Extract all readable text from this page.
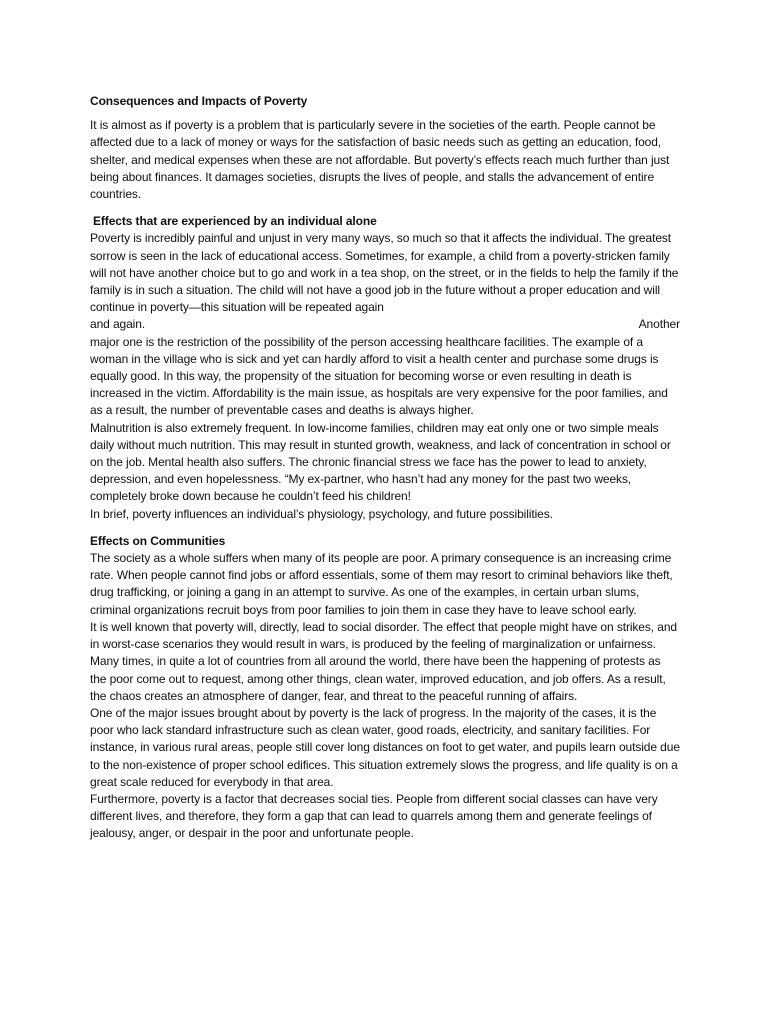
Consequences and Impacts of Poverty

It is almost as if poverty is a problem that is particularly severe in the societies of the earth. People cannot be affected due to a lack of money or ways for the satisfaction of basic needs such as getting an education, food, shelter, and medical expenses when these are not affordable. But poverty’s effects reach much further than just being about finances. It damages societies, disrupts the lives of people, and stalls the advancement of entire countries.

Effects that are experienced by an individual alone

Poverty is incredibly painful and unjust in very many ways, so much so that it affects the individual. The greatest sorrow is seen in the lack of educational access. Sometimes, for example, a child from a poverty-stricken family will not have another choice but to go and work in a tea shop, on the street, or in the fields to help the family if the family is in such a situation. The child will not have a good job in the future without a proper education and will continue in poverty—this situation will be repeated again

and again.	Another

major one is the restriction of the possibility of the person accessing healthcare facilities. The example of a woman in the village who is sick and yet can hardly afford to visit a health center and purchase some drugs is equally good. In this way, the propensity of the situation for becoming worse or even resulting in death is increased in the victim. Affordability is the main issue, as hospitals are very expensive for the poor families, and as a result, the number of preventable cases and deaths is always higher.

Malnutrition is also extremely frequent. In low-income families, children may eat only one or two simple meals daily without much nutrition. This may result in stunted growth, weakness, and lack of concentration in school or on the job. Mental health also suffers. The chronic financial stress we face has the power to lead to anxiety, depression, and even hopelessness. “My ex-partner, who hasn’t had any money for the past two weeks, completely broke down because he couldn’t feed his children!

In brief, poverty influences an individual’s physiology, psychology, and future possibilities.

Effects on Communities

The society as a whole suffers when many of its people are poor. A primary consequence is an increasing crime rate. When people cannot find jobs or afford essentials, some of them may resort to criminal behaviors like theft, drug trafficking, or joining a gang in an attempt to survive. As one of the examples, in certain urban slums, criminal organizations recruit boys from poor families to join them in case they have to leave school early.

It is well known that poverty will, directly, lead to social disorder. The effect that people might have on strikes, and in worst-case scenarios they would result in wars, is produced by the feeling of marginalization or unfairness. Many times, in quite a lot of countries from all around the world, there have been the happening of protests as the poor come out to request, among other things, clean water, improved education, and job offers. As a result, the chaos creates an atmosphere of danger, fear, and threat to the peaceful running of affairs.

One of the major issues brought about by poverty is the lack of progress. In the majority of the cases, it is the poor who lack standard infrastructure such as clean water, good roads, electricity, and sanitary facilities. For instance, in various rural areas, people still cover long distances on foot to get water, and pupils learn outside due to the non-existence of proper school edifices. This situation extremely slows the progress, and life quality is on a great scale reduced for everybody in that area.

Furthermore, poverty is a factor that decreases social ties. People from different social classes can have very different lives, and therefore, they form a gap that can lead to quarrels among them and generate feelings of jealousy, anger, or despair in the poor and unfortunate people.
